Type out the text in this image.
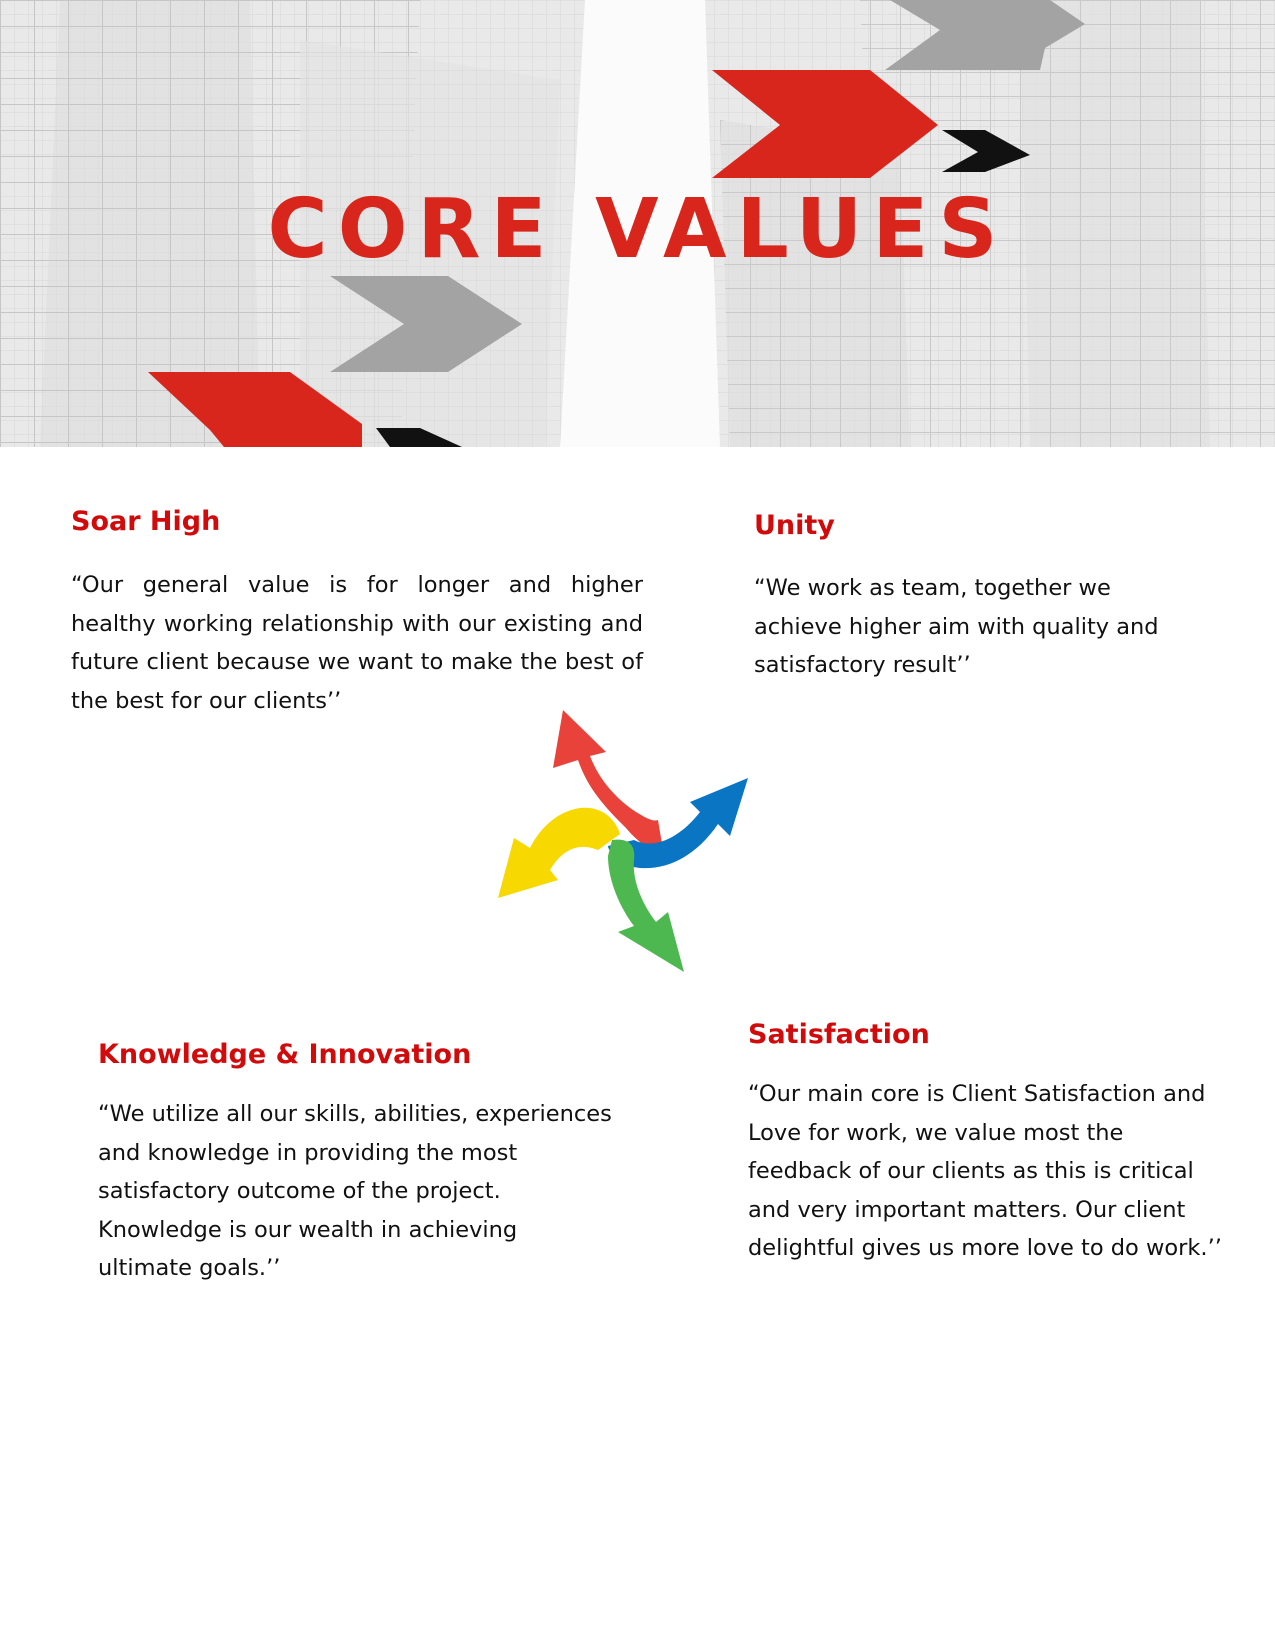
CORE VALUES
Soar High

“Our general value is for longer and higher healthy working relationship with our existing and future client because we want to make the best of the best for our clients’’

Unity

“We work as team, together we achieve higher aim with quality and satisfactory result’’

Knowledge & Innovation

“We utilize all our skills, abilities, experiences and knowledge in providing the most satisfactory outcome of the project. Knowledge is our wealth in achieving ultimate goals.’’

Satisfaction

“Our main core is Client Satisfaction and Love for work, we value most the feedback of our clients as this is critical and very important matters. Our client delightful gives us more love to do work.’’
